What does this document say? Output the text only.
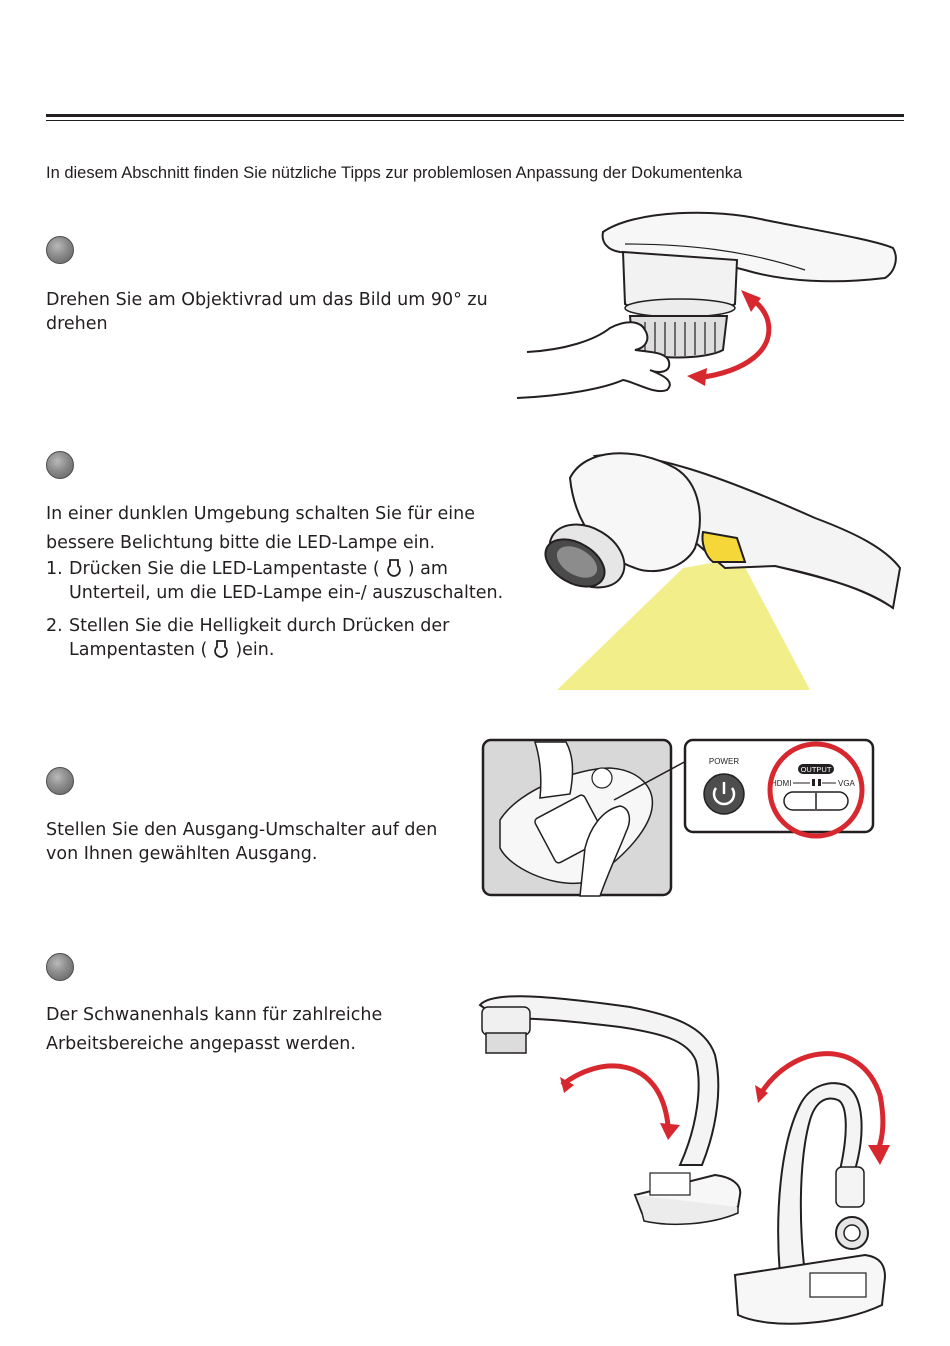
In diesem Abschnitt finden Sie nützliche Tipps zur problemlosen Anpassung der Dokumentenka

Drehen Sie am Objektivrad um das Bild um 90° zu

drehen

In einer dunklen Umgebung schalten Sie für eine

bessere Belichtung bitte die LED-Lampe ein.

1. Drücken Sie die LED-Lampentaste ( ) am
Unterteil, um die LED-Lampe ein-/ auszuschalten.
2. Stellen Sie die Helligkeit durch Drücken der
Lampentasten ( )ein.

Stellen Sie den Ausgang-Umschalter auf den

von Ihnen gewählten Ausgang.

POWER
OUTPUT
HDMI	VGA

Der Schwanenhals kann für zahlreiche

Arbeitsbereiche angepasst werden.
